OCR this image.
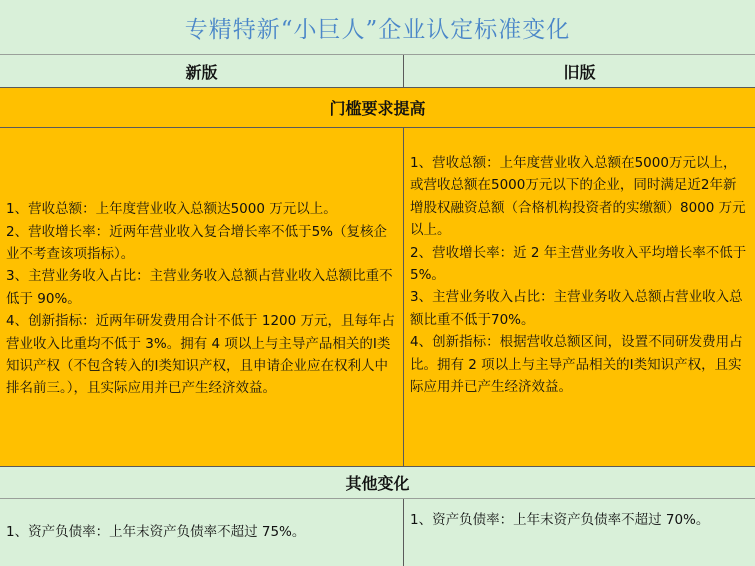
专精特新“小巨人”企业认定标准变化
新版	旧版
门槛要求提高
1、营收总额：上年度营业收入总额达5000 万元以上。
2、营收增长率：近两年营业收入复合增长率不低于5%（复核企业不考查该项指标）。
3、主营业务收入占比：主营业务收入总额占营业收入总额比重不低于 90%。
4、创新指标：近两年研发费用合计不低于 1200 万元，且每年占营业收入比重均不低于 3%。拥有 4 项以上与主导产品相关的Ⅰ类知识产权（不包含转入的Ⅰ类知识产权，且申请企业应在权利人中排名前三。），且实际应用并已产生经济效益。
1、营收总额：上年度营业收入总额在5000万元以上，或营收总额在5000万元以下的企业，同时满足近2年新增股权融资总额（合格机构投资者的实缴额）8000 万元以上。
2、营收增长率：近 2 年主营业务收入平均增长率不低于 5%。
3、主营业务收入占比：主营业务收入总额占营业收入总额比重不低于70%。
4、创新指标：根据营收总额区间，设置不同研发费用占比。拥有 2 项以上与主导产品相关的Ⅰ类知识产权，且实际应用并已产生经济效益。
其他变化
1、资产负债率：上年末资产负债率不超过 75%。
1、资产负债率：上年末资产负债率不超过 70%。
